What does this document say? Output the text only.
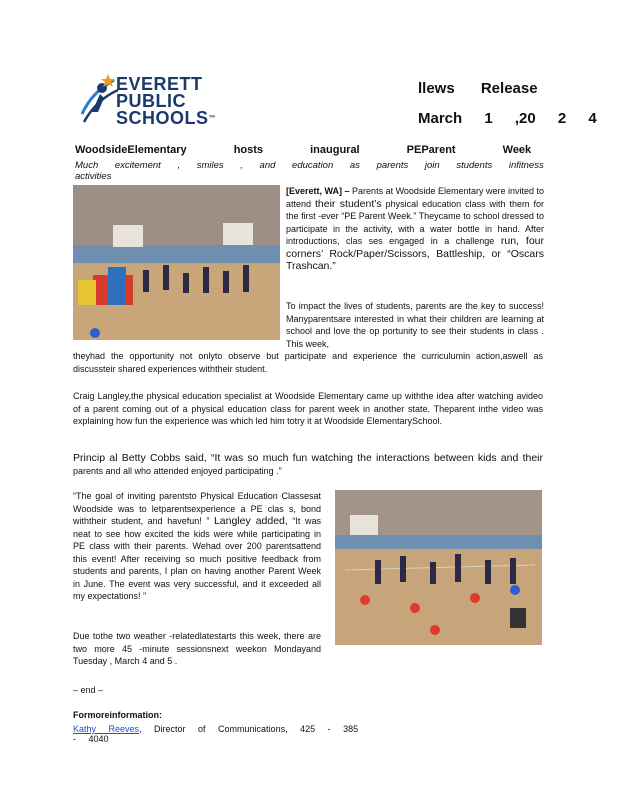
EVERETT
PUBLIC
SCHOOLS™
llews Release
March 1 ,20 2 4
WoodsideElementary hosts inaugural PEParent Week
Much excitement , smiles , and education as parents join students infitness activities
[Everett, WA] – Parents at Woodside Elementary were invited to attend their student’s physical education class with them for the first -ever “PE Parent Week.” Theycame to school dressed to participate in the activity, with a water bottle in hand. After introductions, clas ses engaged in a challenge run, four corners’ Rock/Paper/Scissors, Battleship, or “Oscars Trashcan.”
To impact the lives of students, parents are the key to success! Manyparentsare interested in what their children are learning at school and love the op portunity to see their students in class . This week,
theyhad the opportunity not onlyto observe but participate and experience the curriculumin action,aswell as discussteir shared experiences withtheir student.
Craig Langley,the physical education specialist at Woodside Elementary came up withthe idea after watching avideo of a parent coming out of a physical education class for parent week in another state. Theparent inthe video was explaining how fun the experience was which led him totry it at Woodside ElementarySchool.
Princip al Betty Cobbs said, “It was so much fun watching the interactions between kids and their parents and all who attended enjoyed participating .”
“The goal of inviting parentsto Physical Education Classesat Woodside was to letparentsexperience a PE clas s, bond withtheir student, and havefun! ” Langley added, “It was neat to see how excited the kids were while participating in PE class with their parents. Wehad over 200 parentsattend this event! After receiving so much positive feedback from students and parents, I plan on having another Parent Week in June. The event was very successful, and it exceeded all my expectations! ”
Due tothe two weather -relatedlatestarts this week, there are two more 45 -minute sessionsnext weekon Mondayand Tuesday , March 4 and 5 .
– end –
Formoreinformation:
Kathy Reeves, Director of Communications, 425 - 385 - 4040
